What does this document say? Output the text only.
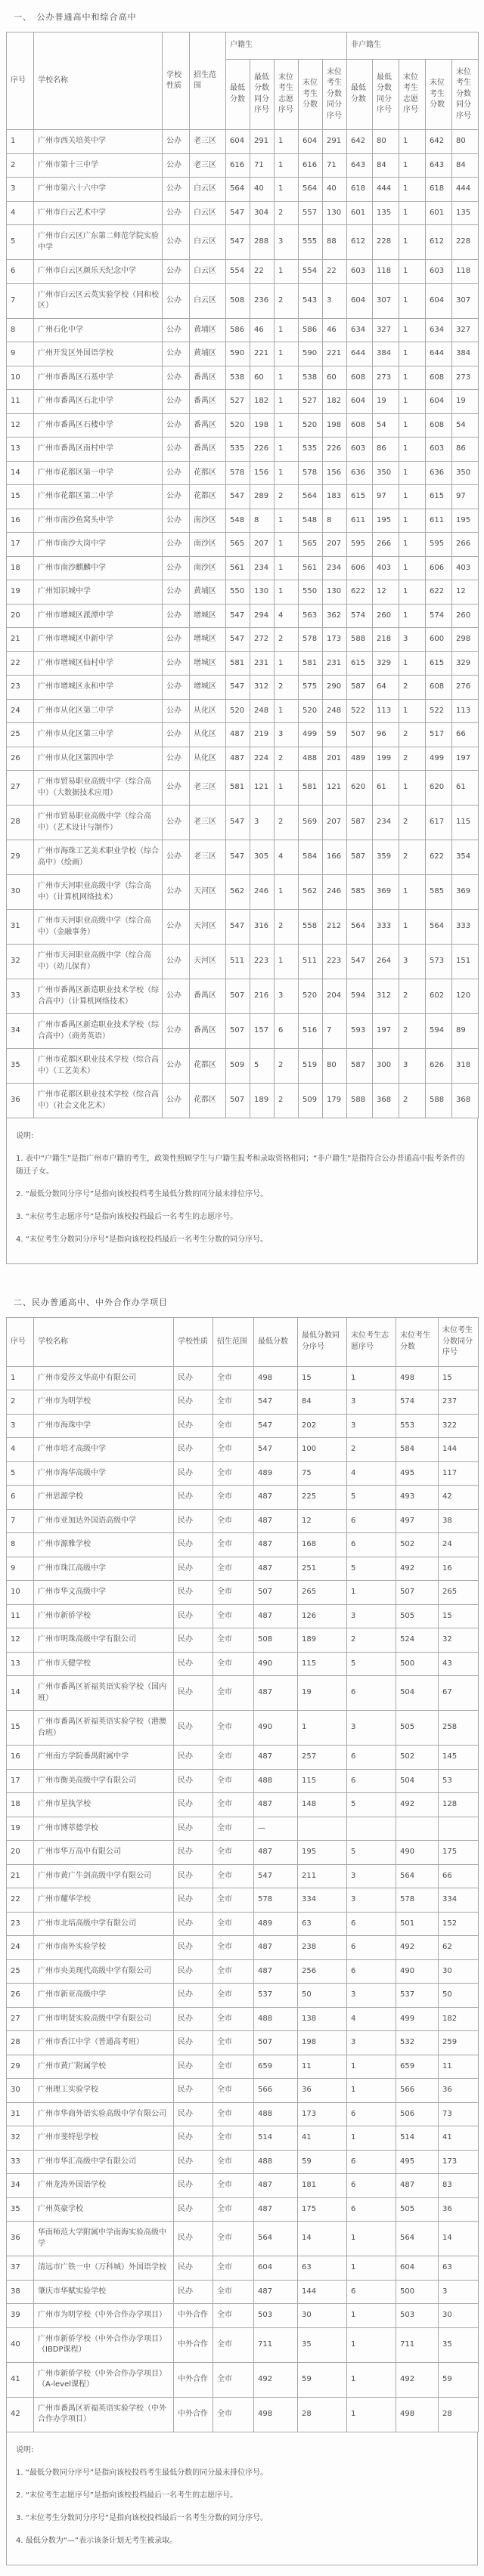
一、　公办普通高中和综合高中
序号	学校名称	学校性质	招生范围	户籍生					非户籍生				
				最低分数	最低分数同分序号	末位考生志愿序号	末位考生分数	末位考生分数同分序号	最低分数	最低分数同分序号	末位考生志愿序号	末位考生分数	末位考生分数同分序号
1	广州市西关培英中学	公办	老三区	604	291	1	604	291	642	80	1	642	80
2	广州市第十三中学	公办	老三区	616	71	1	616	71	643	84	1	643	84
3	广州市第六十六中学	公办	白云区	564	40	1	564	40	618	444	1	618	444
4	广州市白云艺术中学	公办	白云区	547	304	2	557	130	601	135	1	601	135
5	广州市白云区广东第二师范学院实验中学	公办	白云区	547	288	3	555	88	612	228	1	612	228
6	广州市白云区颜乐天纪念中学	公办	白云区	554	22	1	554	22	603	118	1	603	118
7	广州市白云区云英实验学校（同和校区）	公办	白云区	508	236	2	543	3	604	307	1	604	307
8	广州石化中学	公办	黄埔区	586	46	1	586	46	634	327	1	634	327
9	广州开发区外国语学校	公办	黄埔区	590	221	1	590	221	644	384	1	644	384
10	广州市番禺区石基中学	公办	番禺区	538	60	1	538	60	608	273	1	608	273
11	广州市番禺区石北中学	公办	番禺区	527	182	1	527	182	604	19	1	604	19
12	广州市番禺区石楼中学	公办	番禺区	520	198	1	520	198	608	54	1	608	54
13	广州市番禺区南村中学	公办	番禺区	535	226	1	535	226	603	86	1	603	86
14	广州市花都区第一中学	公办	花都区	578	156	1	578	156	636	350	1	636	350
15	广州市花都区第二中学	公办	花都区	547	289	2	564	183	615	97	1	615	97
16	广州市南沙鱼窝头中学	公办	南沙区	548	8	1	548	8	611	195	1	611	195
17	广州市南沙大岗中学	公办	南沙区	565	207	1	565	207	595	266	1	595	266
18	广州市南沙麒麟中学	公办	南沙区	561	234	1	561	234	606	403	1	606	403
19	广州知识城中学	公办	黄埔区	550	130	1	550	130	622	12	1	622	12
20	广州市增城区派潭中学	公办	增城区	547	294	4	563	362	574	260	1	574	260
21	广州市增城区中新中学	公办	增城区	547	272	2	578	173	588	218	3	600	298
22	广州市增城区仙村中学	公办	增城区	581	231	1	581	231	615	329	1	615	329
23	广州市增城区永和中学	公办	增城区	547	312	2	575	290	587	64	2	608	276
24	广州市从化区第二中学	公办	从化区	520	248	1	520	248	522	113	1	522	113
25	广州市从化区第三中学	公办	从化区	487	219	3	499	59	507	96	2	517	66
26	广州市从化区第四中学	公办	从化区	487	224	2	488	201	489	199	2	499	197
27	广州市贸易职业高级中学（综合高中）（大数据技术应用）	公办	老三区	581	121	1	581	121	620	61	1	620	61
28	广州市贸易职业高级中学（综合高中）（艺术设计与制作）	公办	老三区	547	3	2	569	207	587	234	2	617	115
29	广州市海珠工艺美术职业学校（综合高中）（绘画）	公办	老三区	547	305	4	584	166	587	359	2	622	354
30	广州市天河职业高级中学（综合高中）（计算机网络技术）	公办	天河区	562	246	1	562	246	585	369	1	585	369
31	广州市天河职业高级中学（综合高中）（金融事务）	公办	天河区	547	316	2	558	212	564	333	1	564	333
32	广州市天河职业高级中学（综合高中）（幼儿保育）	公办	天河区	511	223	1	511	223	547	264	3	573	151
33	广州市番禺区新造职业技术学校（综合高中）（计算机网络技术）	公办	番禺区	507	216	3	520	204	594	312	2	602	120
34	广州市番禺区新造职业技术学校（综合高中）（商务英语）	公办	番禺区	507	157	6	516	7	593	197	2	594	89
35	广州市花都区职业技术学校（综合高中）（工艺美术）	公办	花都区	509	5	2	519	80	587	300	3	626	318
36	广州市花都区职业技术学校（综合高中）（社会文化艺术）	公办	花都区	507	189	2	509	179	588	368	2	588	368

说明:

1. 表中“户籍生”是指广州市户籍的考生，政策性照顾学生与户籍生报考和录取资格相同；“非户籍生”是指符合公办普通高中报考条件的随迁子女。

2. “最低分数同分序号”是指向该校投档考生最低分数的同分最末排位序号。

3. “末位考生志愿序号”是指向该校投档最后一名考生的志愿序号。

4. “末位考生分数同分序号”是指向该校投档最后一名考生分数的同分序号。

二、民办普通高中、中外合作办学项目
序号	学校名称	学校性质	招生范围	最低分数	最低分数同分序号	末位考生志愿序号	末位考生分数	末位考生分数同分序号
1	广州市爱莎文华高中有限公司	民办	全市	498	15	1	498	15
2	广州市为明学校	民办	全市	547	84	3	574	237
3	广州市海珠中学	民办	全市	547	202	3	553	322
4	广州市培才高级中学	民办	全市	547	100	2	584	144
5	广州市海华高级中学	民办	全市	489	75	4	495	117
6	广州思源学校	民办	全市	487	225	5	493	42
7	广州市亚加达外国语高级中学	民办	全市	487	12	6	497	38
8	广州市源雅学校	民办	全市	487	168	6	502	24
9	广州市珠江高级中学	民办	全市	487	251	5	492	16
10	广州市华文高级中学	民办	全市	507	265	1	507	265
11	广州市新侨学校	民办	全市	487	126	3	505	15
12	广州市明珠高级中学有限公司	民办	全市	508	189	2	524	32
13	广州市天健学校	民办	全市	490	115	5	500	43
14	广州市番禺区祈福英语实验学校（国内班）	民办	全市	487	19	6	504	67
15	广州市番禺区祈福英语实验学校（港澳台班）	民办	全市	490	1	3	505	258
16	广州南方学院番禺附属中学	民办	全市	487	257	6	502	145
17	广州市衡美高级中学有限公司	民办	全市	488	115	6	504	53
18	广州市星执学校	民办	全市	487	148	5	492	128
19	广州市博萃德学校	民办	全市	—				
20	广州市华万高中有限公司	民办	全市	487	195	5	490	175
21	广州市黄广牛剑高级中学有限公司	民办	全市	547	211	3	564	66
22	广州市耀华学校	民办	全市	578	334	3	578	334
23	广州市北培高级中学有限公司	民办	全市	489	63	6	501	152
24	广州市南外实验学校	民办	全市	487	238	6	492	62
25	广州市央美现代高级中学有限公司	民办	全市	487	256	6	490	30
26	广州市新亚高级中学	民办	全市	537	50	3	537	50
27	广州市明贤实验高级中学有限公司	民办	全市	488	138	4	499	182
28	广州市香江中学（普通高考班）	民办	全市	507	198	3	532	259
29	广州市黄广附属学校	民办	全市	659	11	1	659	11
30	广州理工实验学校	民办	全市	566	36	1	566	36
31	广州市华商外语实验高级中学有限公司	民办	全市	488	173	6	506	73
32	广州市斐特思学校	民办	全市	514	41	1	514	41
33	广州市华汇高级中学有限公司	民办	全市	488	59	6	495	173
34	广州龙涛外国语学校	民办	全市	487	181	6	487	83
35	广州英豪学校	民办	全市	487	175	6	505	36
36	华南师范大学附属中学南海实验高级中学	民办	全市	564	14	1	564	14
37	清远市广铁一中（万科城）外国语学校	民办	全市	604	63	1	604	63
38	肇庆市华赋实验学校	民办	全市	487	144	6	500	3
39	广州市为明学校（中外合作办学项目）	中外合作	全市	503	30	1	503	30
40	广州市新侨学校（中外合作办学项目）（IBDP课程）	中外合作	全市	711	35	1	711	35
41	广州市新侨学校（中外合作办学项目）（A-level课程）	中外合作	全市	492	59	1	492	59
42	广州市番禺区祈福英语实验学校（中外合作办学项目）	中外合作	全市	498	28	1	498	28

说明:

1. “最低分数同分序号”是指向该校投档考生最低分数的同分最末排位序号。

2. “末位考生志愿序号”是指向该校投档最后一名考生的志愿序号。

3. “末位考生分数同分序号”是指向该校投档最后一名考生分数的同分序号。

4. 最低分数为“—”表示该条计划无考生被录取。
